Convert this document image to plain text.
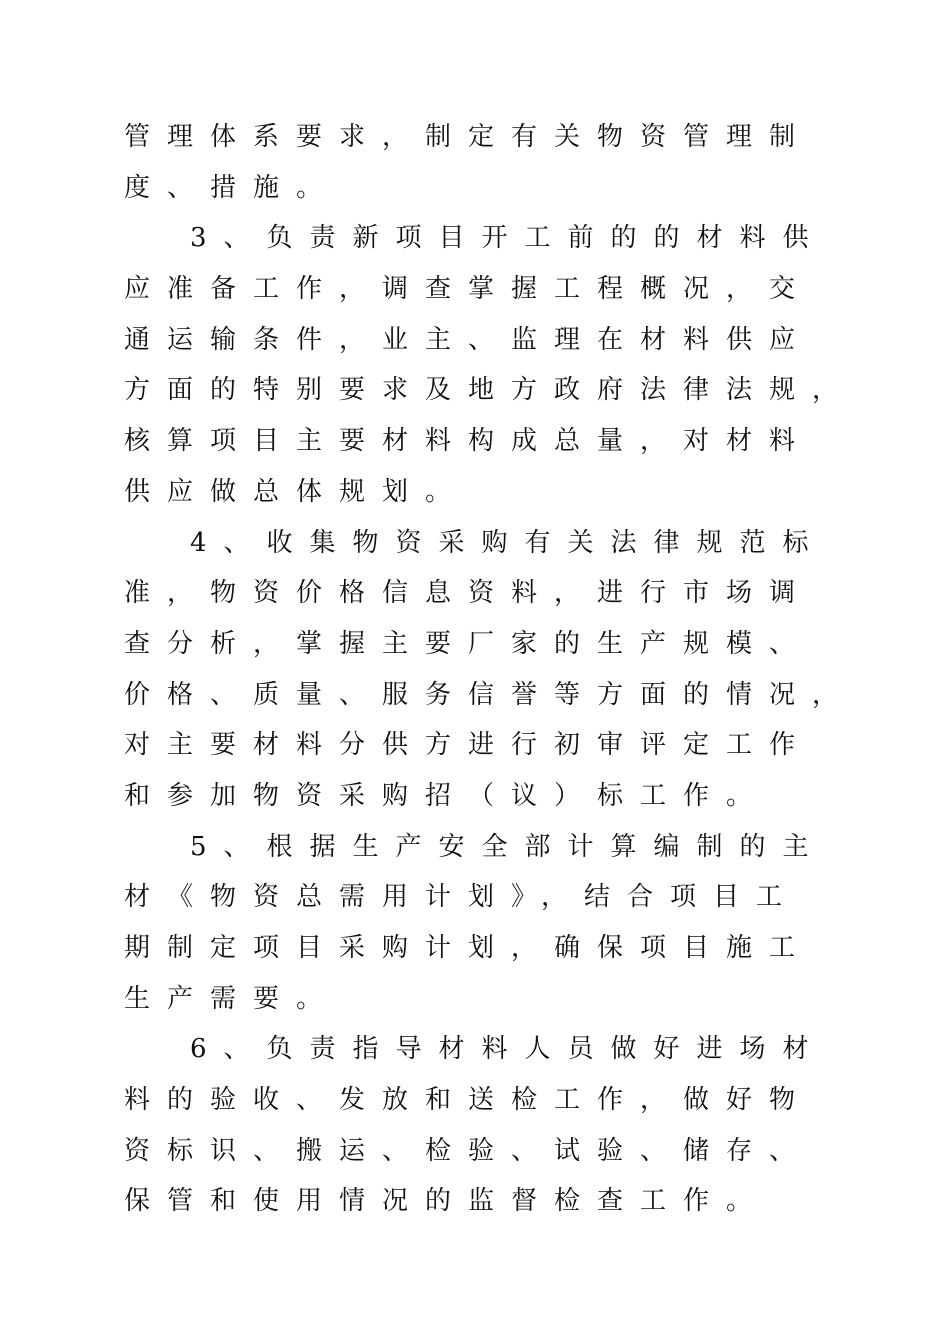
管理体系要求，制定有关物资管理制
度、措施。
3、负责新项目开工前的的材料供
应准备工作，调查掌握工程概况，交
通运输条件，业主、监理在材料供应
方面的特别要求及地方政府法律法规，
核算项目主要材料构成总量，对材料
供应做总体规划。
4、收集物资采购有关法律规范标
准，物资价格信息资料，进行市场调
查分析，掌握主要厂家的生产规模、
价格、质量、服务信誉等方面的情况，
对主要材料分供方进行初审评定工作
和参加物资采购招（议）标工作。
5、根据生产安全部计算编制的主
材《物资总需用计划》，结合项目工
期制定项目采购计划，确保项目施工
生产需要。
6、负责指导材料人员做好进场材
料的验收、发放和送检工作，做好物
资标识、搬运、检验、试验、储存、
保管和使用情况的监督检查工作。
